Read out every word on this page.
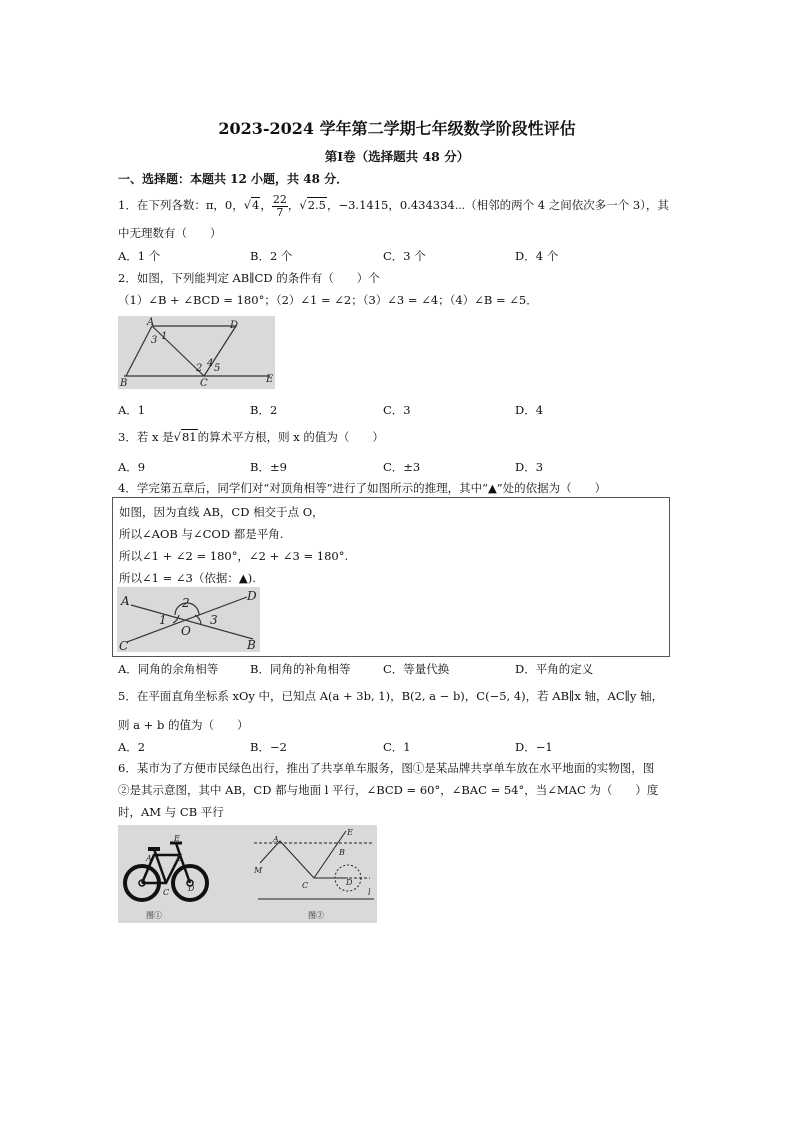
2023-2024 学年第二学期七年级数学阶段性评估
第Ⅰ卷（选择题共 48 分）
一、选择题：本题共 12 小题，共 48 分．
1．在下列各数：π，0，√4， $\frac{22}{7}$ ，√2.5，−3.1415，0.434334⋯（相邻的两个 4 之间依次多一个 3），其
中无理数有（　　）
A．1 个	B．2 个	C．3 个	D．4 个
2．如图，下列能判定 AB∥CD 的条件有（　　）个
（1）∠B + ∠BCD = 180°；（2）∠1 = ∠2；（3）∠3 = ∠4；（4）∠B = ∠5．
A	D
1
3
4
2 5
B	C	E
A．1	B．2	C．3	D．4
3．若 x 是√81的算术平方根，则 x 的值为（　　）
A．9	B．±9	C．±3	D．3
4．学完第五章后，同学们对“对顶角相等”进行了如图所示的推理，其中“▲”处的依据为（　　）
如图，因为直线 AB，CD 相交于点 O，
所以∠AOB 与∠COD 都是平角.
所以∠1 + ∠2 = 180°，∠2 + ∠3 = 180°.
所以∠1 = ∠3（依据：▲).
A	D
2
1	3
O
C	B
A．同角的余角相等	B．同角的补角相等	C．等量代换	D．平角的定义
5．在平面直角坐标系 xOy 中，已知点 A(a + 3b, 1)，B(2, a − b)，C(−5, 4)，若 AB∥x 轴，AC∥y 轴，
则 a + b 的值为（　　）
A．2	B．−2	C．1	D．−1
6．某市为了方便市民绿色出行，推出了共享单车服务，图①是某品牌共享单车放在水平地面的实物图，图
②是其示意图，其中 AB，CD 都与地面 l 平行，∠BCD = 60°，∠BAC = 54°，当∠MAC 为（　　）度
时，AM 与 CB 平行
E
A	B
C D
图①
A
E
B
M
C	D
l
图②
